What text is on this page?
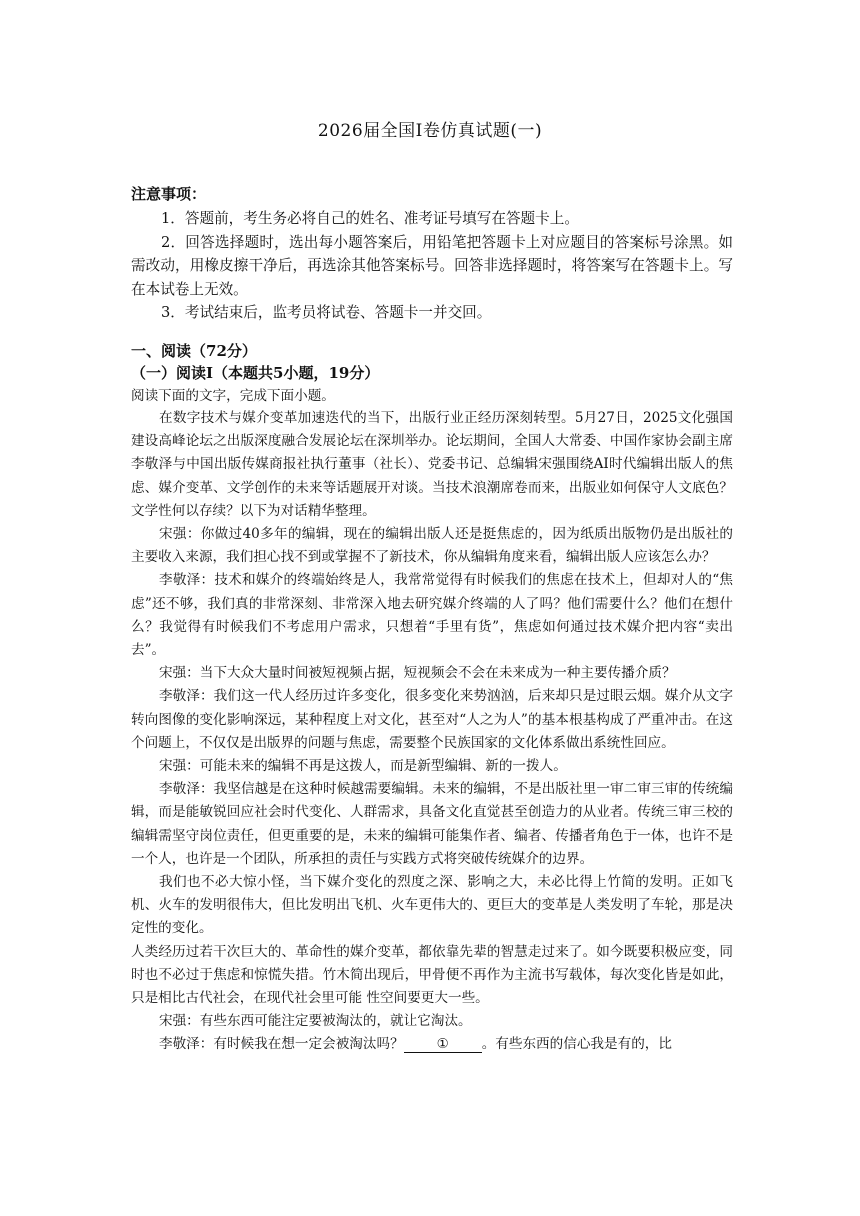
2026届全国Ⅰ卷仿真试题(一)
注意事项：

1．答题前，考生务必将自己的姓名、准考证号填写在答题卡上。

2．回答选择题时，选出每小题答案后，用铅笔把答题卡上对应题目的答案标号涂黑。如需改动，用橡皮擦干净后，再选涂其他答案标号。回答非选择题时，将答案写在答题卡上。写在本试卷上无效。

3．考试结束后，监考员将试卷、答题卡一并交回。

一、阅读（72分）
（一）阅读Ⅰ（本题共5小题，19分）
阅读下面的文字，完成下面小题。

在数字技术与媒介变革加速迭代的当下，出版行业正经历深刻转型。5月27日，2025文化强国建设高峰论坛之出版深度融合发展论坛在深圳举办。论坛期间，全国人大常委、中国作家协会副主席李敬泽与中国出版传媒商报社执行董事（社长）、党委书记、总编辑宋强围绕AI时代编辑出版人的焦虑、媒介变革、文学创作的未来等话题展开对谈。当技术浪潮席卷而来，出版业如何保守人文底色？文学性何以存续？以下为对话精华整理。

宋强：你做过40多年的编辑，现在的编辑出版人还是挺焦虑的，因为纸质出版物仍是出版社的主要收入来源，我们担心找不到或掌握不了新技术，你从编辑角度来看，编辑出版人应该怎么办？

李敬泽：技术和媒介的终端始终是人，我常常觉得有时候我们的焦虑在技术上，但却对人的“焦虑”还不够，我们真的非常深刻、非常深入地去研究媒介终端的人了吗？他们需要什么？他们在想什么？我觉得有时候我们不考虑用户需求，只想着“手里有货”，焦虑如何通过技术媒介把内容“卖出去”。

宋强：当下大众大量时间被短视频占据，短视频会不会在未来成为一种主要传播介质？

李敬泽：我们这一代人经历过许多变化，很多变化来势汹汹，后来却只是过眼云烟。媒介从文字转向图像的变化影响深远，某种程度上对文化，甚至对“人之为人”的基本根基构成了严重冲击。在这个问题上，不仅仅是出版界的问题与焦虑，需要整个民族国家的文化体系做出系统性回应。

宋强：可能未来的编辑不再是这拨人，而是新型编辑、新的一拨人。

李敬泽：我坚信越是在这种时候越需要编辑。未来的编辑，不是出版社里一审二审三审的传统编辑，而是能敏锐回应社会时代变化、人群需求，具备文化直觉甚至创造力的从业者。传统三审三校的编辑需坚守岗位责任，但更重要的是，未来的编辑可能集作者、编者、传播者角色于一体，也许不是一个人，也许是一个团队，所承担的责任与实践方式将突破传统媒介的边界。

我们也不必大惊小怪，当下媒介变化的烈度之深、影响之大，未必比得上竹简的发明。正如飞机、火车的发明很伟大，但比发明出飞机、火车更伟大的、更巨大的变革是人类发明了车轮，那是决定性的变化。

人类经历过若干次巨大的、革命性的媒介变革，都依靠先辈的智慧走过来了。如今既要积极应变，同时也不必过于焦虑和惊慌失措。竹木简出现后，甲骨便不再作为主流书写载体，每次变化皆是如此，只是相比古代社会，在现代社会里可能 性空间要更大一些。

宋强：有些东西可能注定要被淘汰的，就让它淘汰。

李敬泽：有时候我在想一定会被淘汰吗？ ① 。有些东西的信心我是有的，比
